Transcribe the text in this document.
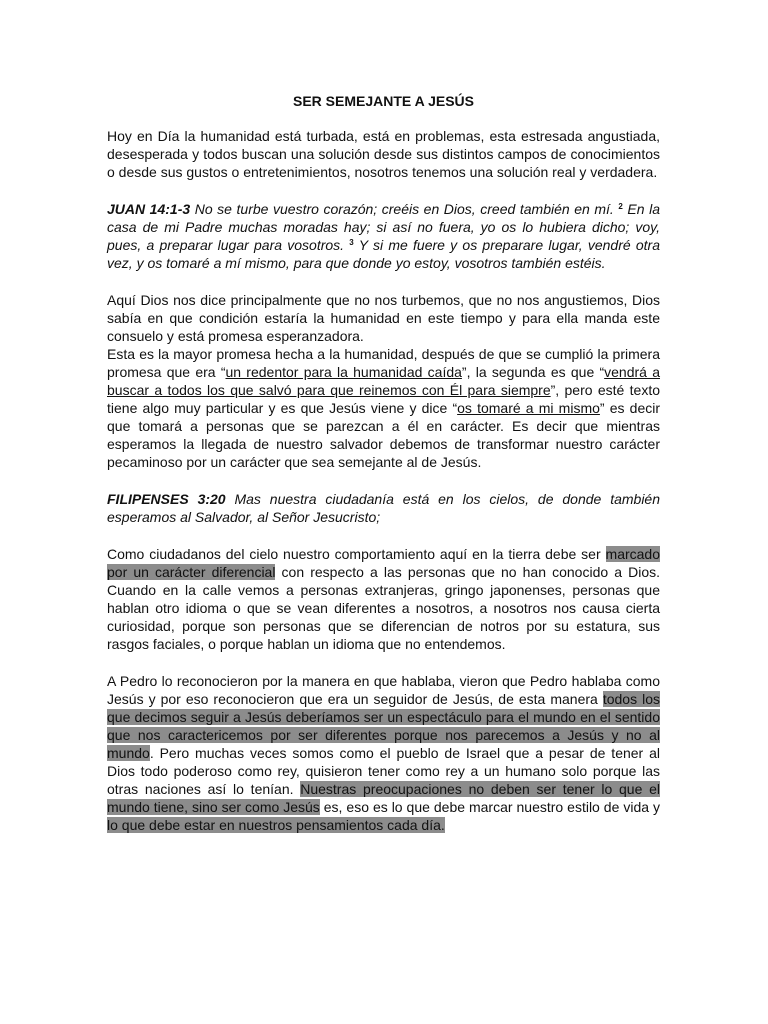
SER SEMEJANTE A JESÚS

Hoy en Día la humanidad está turbada, está en problemas, esta estresada angustiada, desesperada y todos buscan una solución desde sus distintos campos de conocimientos o desde sus gustos o entretenimientos, nosotros tenemos una solución real y verdadera.

JUAN 14:1-3 No se turbe vuestro corazón; creéis en Dios, creed también en mí. $^2$ En la casa de mi Padre muchas moradas hay; si así no fuera, yo os lo hubiera dicho; voy, pues, a preparar lugar para vosotros. $^3$ Y si me fuere y os preparare lugar, vendré otra vez, y os tomaré a mí mismo, para que donde yo estoy, vosotros también estéis.

Aquí Dios nos dice principalmente que no nos turbemos, que no nos angustiemos, Dios sabía en que condición estaría la humanidad en este tiempo y para ella manda este consuelo y está promesa esperanzadora.

Esta es la mayor promesa hecha a la humanidad, después de que se cumplió la primera promesa que era “un redentor para la humanidad caída”, la segunda es que “vendrá a buscar a todos los que salvó para que reinemos con Él para siempre”, pero esté texto tiene algo muy particular y es que Jesús viene y dice “os tomaré a mi mismo” es decir que tomará a personas que se parezcan a él en carácter. Es decir que mientras esperamos la llegada de nuestro salvador debemos de transformar nuestro carácter pecaminoso por un carácter que sea semejante al de Jesús.

FILIPENSES 3:20 Mas nuestra ciudadanía está en los cielos, de donde también esperamos al Salvador, al Señor Jesucristo;

Como ciudadanos del cielo nuestro comportamiento aquí en la tierra debe ser marcado por un carácter diferencial con respecto a las personas que no han conocido a Dios. Cuando en la calle vemos a personas extranjeras, gringo japonenses, personas que hablan otro idioma o que se vean diferentes a nosotros, a nosotros nos causa cierta curiosidad, porque son personas que se diferencian de notros por su estatura, sus rasgos faciales, o porque hablan un idioma que no entendemos.

A Pedro lo reconocieron por la manera en que hablaba, vieron que Pedro hablaba como Jesús y por eso reconocieron que era un seguidor de Jesús, de esta manera todos los que decimos seguir a Jesús deberíamos ser un espectáculo para el mundo en el sentido que nos caractericemos por ser diferentes porque nos parecemos a Jesús y no al mundo. Pero muchas veces somos como el pueblo de Israel que a pesar de tener al Dios todo poderoso como rey, quisieron tener como rey a un humano solo porque las otras naciones así lo tenían. Nuestras preocupaciones no deben ser tener lo que el mundo tiene, sino ser como Jesús es, eso es lo que debe marcar nuestro estilo de vida y lo que debe estar en nuestros pensamientos cada día.
